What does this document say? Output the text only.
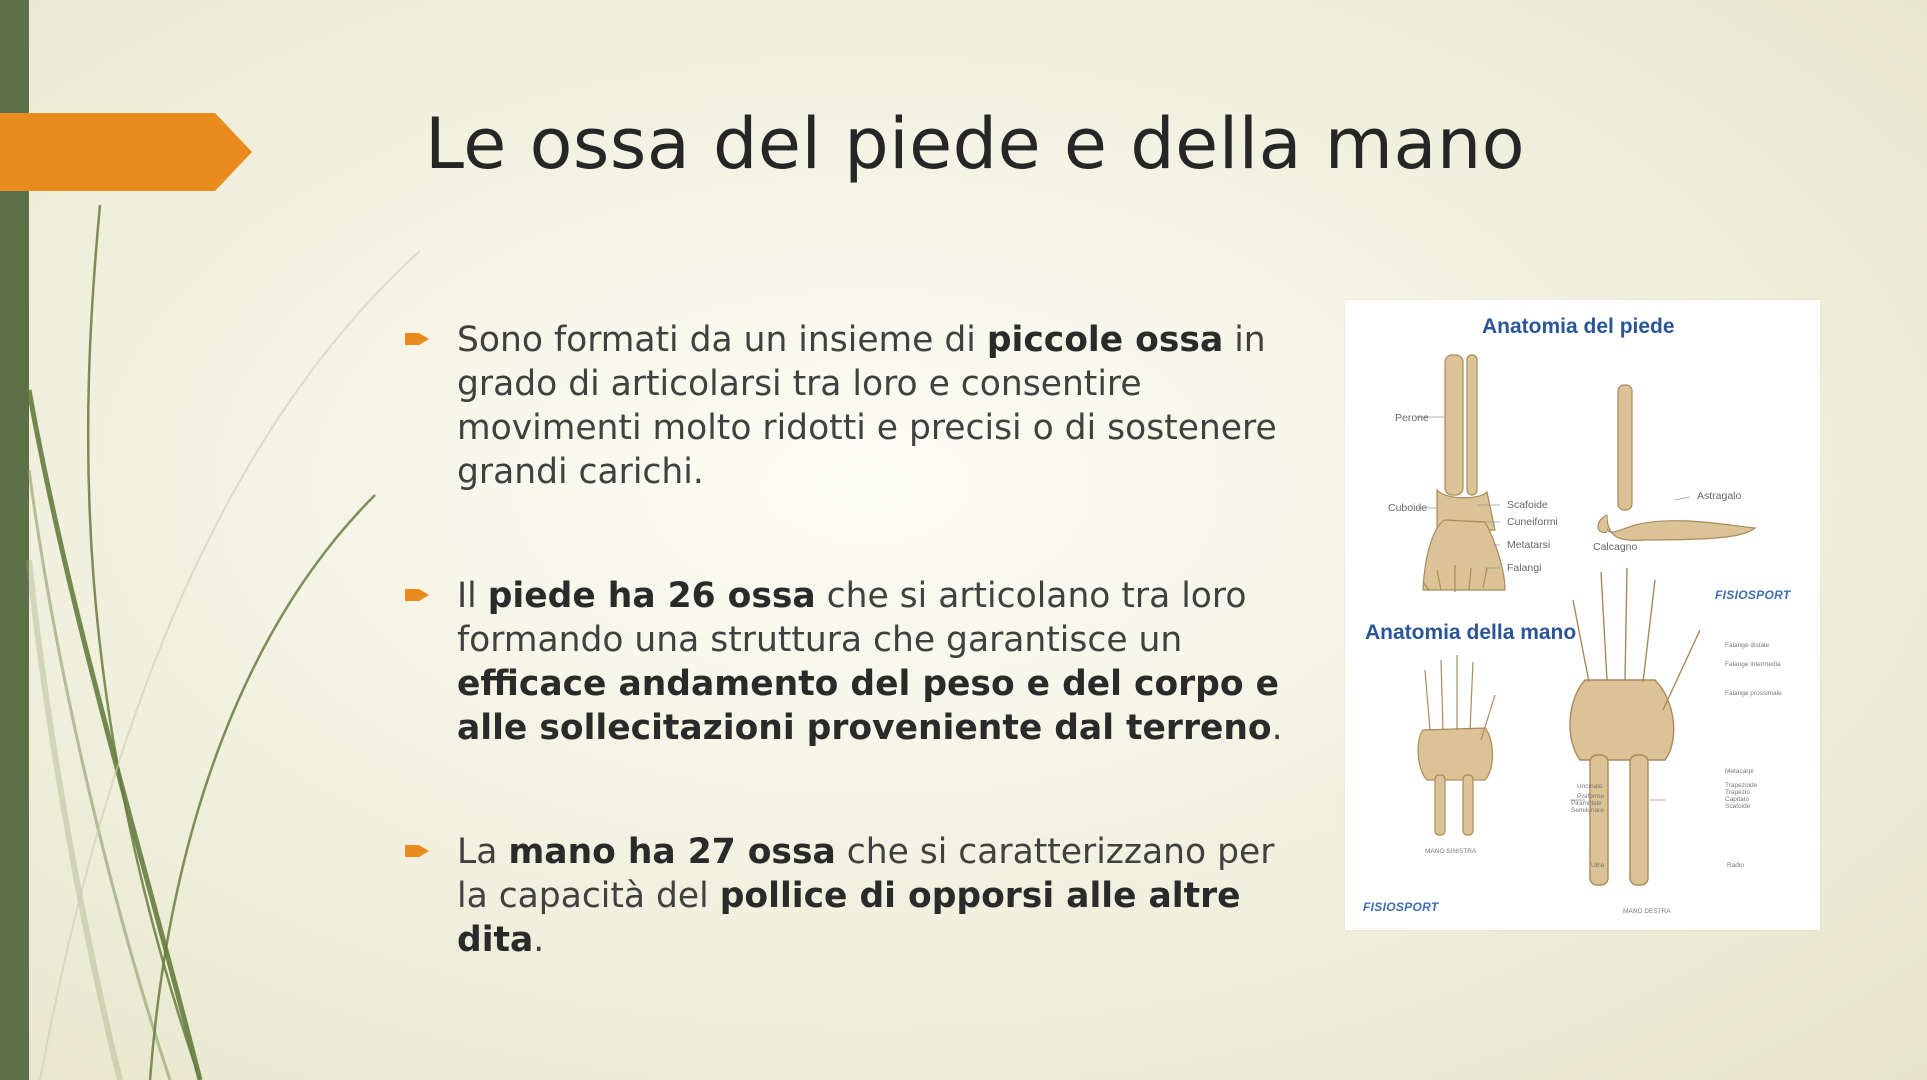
Le ossa del piede e della mano
Sono formati da un insieme di piccole ossa in grado di articolarsi tra loro e consentire movimenti molto ridotti e precisi o di sostenere grandi carichi.
Il piede ha 26 ossa che si articolano tra loro formando una struttura che garantisce un efficace andamento del peso e del corpo e alle sollecitazioni proveniente dal terreno.
La mano ha 27 ossa che si caratterizzano per la capacità del pollice di opporsi alle altre dita.
Anatomia del piede
Anatomia della mano
Perone
Cuboide	Scafoide
Cuneiformi
Metatarsi
Falangi
Astragalo
Calcagno
Falange distale
Falange intermedia
Falange prossimale
Metacarpi
Trapezoide
Trapezio
Capitato
Scafoide
Uncinato
Pisiforme
Piramidale
Semilunare
Ulna	Radio
MANO SINISTRA
MANO DESTRA
FISIOSPORT
FISIOSPORT
